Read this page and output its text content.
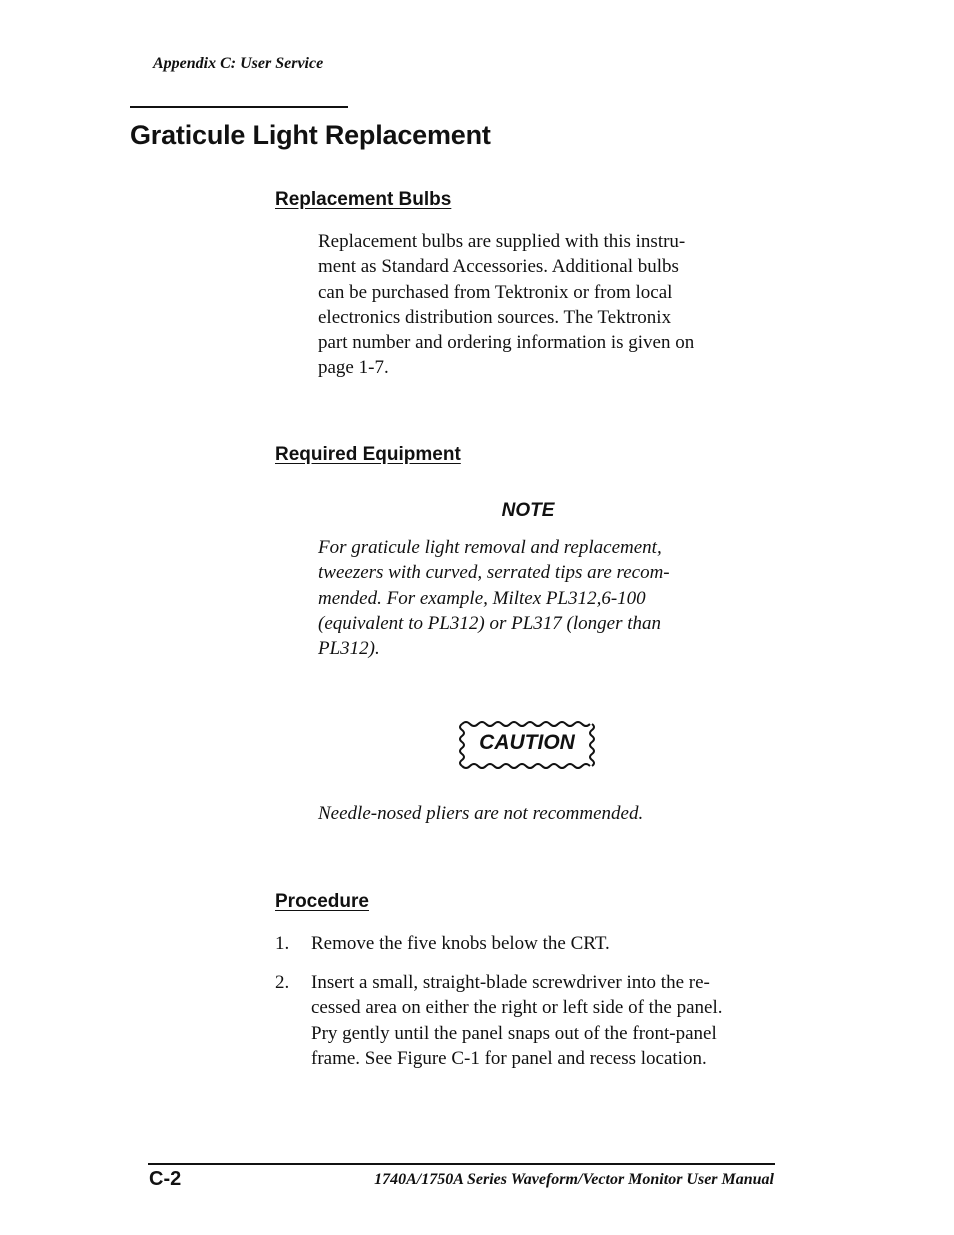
Appendix C: User Service
Graticule Light Replacement
Replacement Bulbs
Replacement bulbs are supplied with this instru-
ment as Standard Accessories. Additional bulbs
can be purchased from Tektronix or from local
electronics distribution sources. The Tektronix
part number and ordering information is given on
page 1-7.
Required Equipment
NOTE
For graticule light removal and replacement,
tweezers with curved, serrated tips are recom-
mended. For example, Miltex PL312,6-100
(equivalent to PL312) or PL317 (longer than
PL312).
CAUTION
Needle-nosed pliers are not recommended.
Procedure
1. Remove the five knobs below the CRT.
2. Insert a small, straight-blade screwdriver into the re-
cessed area on either the right or left side of the panel.
Pry gently until the panel snaps out of the front-panel
frame. See Figure C-1 for panel and recess location.
C-2	1740A/1750A Series Waveform/Vector Monitor User Manual
